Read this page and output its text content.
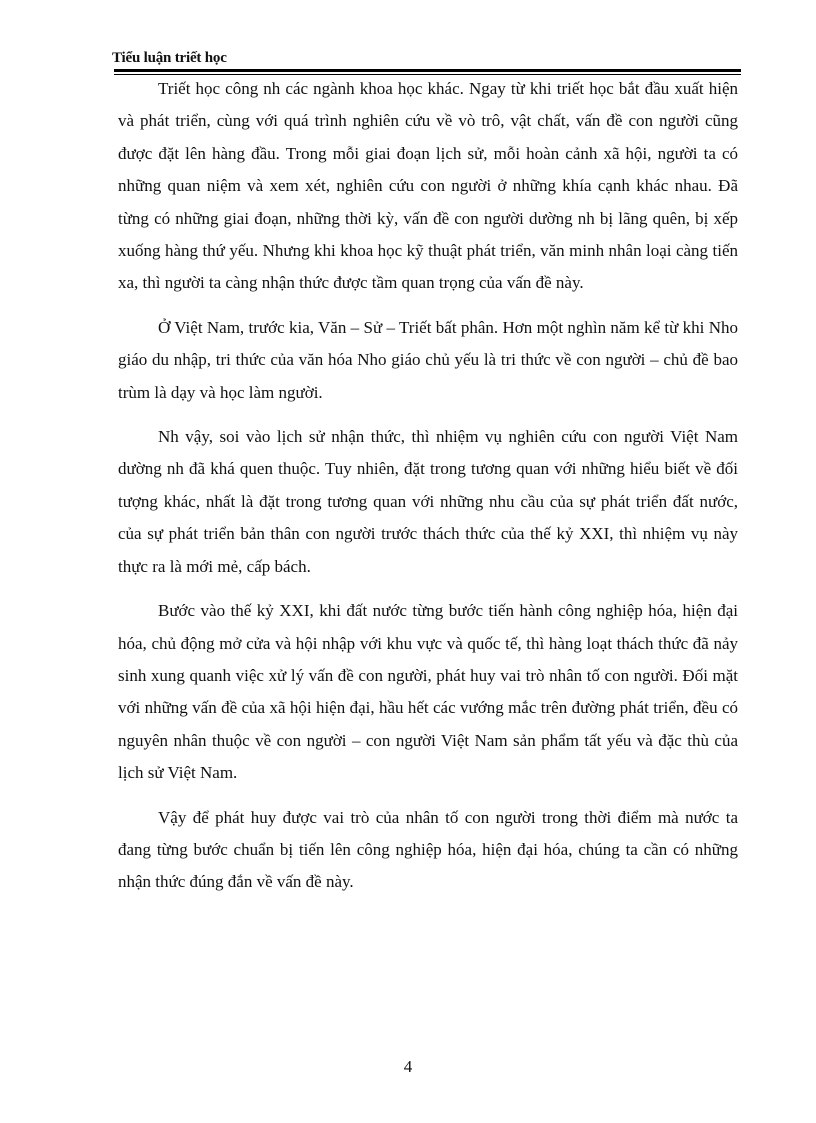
Tiểu luận triết học

Triết học công nh các ngành khoa học khác. Ngay từ khi triết học bắt đầu xuất hiện và phát triển, cùng với quá trình nghiên cứu về vò trô, vật chất, vấn đề con người cũng được đặt lên hàng đầu. Trong mỗi giai đoạn lịch sử, mỗi hoàn cảnh xã hội, người ta có những quan niệm và xem xét, nghiên cứu con người ở những khía cạnh khác nhau. Đã từng có những giai đoạn, những thời kỳ, vấn đề con người dường nh bị lãng quên, bị xếp xuống hàng thứ yếu. Nhưng khi khoa học kỹ thuật phát triển, văn minh nhân loại càng tiến xa, thì người ta càng nhận thức được tầm quan trọng của vấn đề này.

Ở Việt Nam, trước kia, Văn – Sử – Triết bất phân. Hơn một nghìn năm kể từ khi Nho giáo du nhập, tri thức của văn hóa Nho giáo chủ yếu là tri thức về con người – chủ đề bao trùm là dạy và học làm người.

Nh vậy, soi vào lịch sử nhận thức, thì nhiệm vụ nghiên cứu con người Việt Nam dường nh đã khá quen thuộc. Tuy nhiên, đặt trong tương quan với những hiểu biết về đối tượng khác, nhất là đặt trong tương quan với những nhu cầu của sự phát triển đất nước, của sự phát triển bản thân con người trước thách thức của thế kỷ XXI, thì nhiệm vụ này thực ra là mới mẻ, cấp bách.

Bước vào thế kỷ XXI, khi đất nước từng bước tiến hành công nghiệp hóa, hiện đại hóa, chủ động mở cửa và hội nhập với khu vực và quốc tế, thì hàng loạt thách thức đã nảy sinh xung quanh việc xử lý vấn đề con người, phát huy vai trò nhân tố con người. Đối mặt với những vấn đề của xã hội hiện đại, hầu hết các vướng mắc trên đường phát triển, đều có nguyên nhân thuộc về con người – con người Việt Nam sản phẩm tất yếu và đặc thù của lịch sử Việt Nam.

Vậy để phát huy được vai trò của nhân tố con người trong thời điểm mà nước ta đang từng bước chuẩn bị tiến lên công nghiệp hóa, hiện đại hóa, chúng ta cần có những nhận thức đúng đắn về vấn đề này.

4
